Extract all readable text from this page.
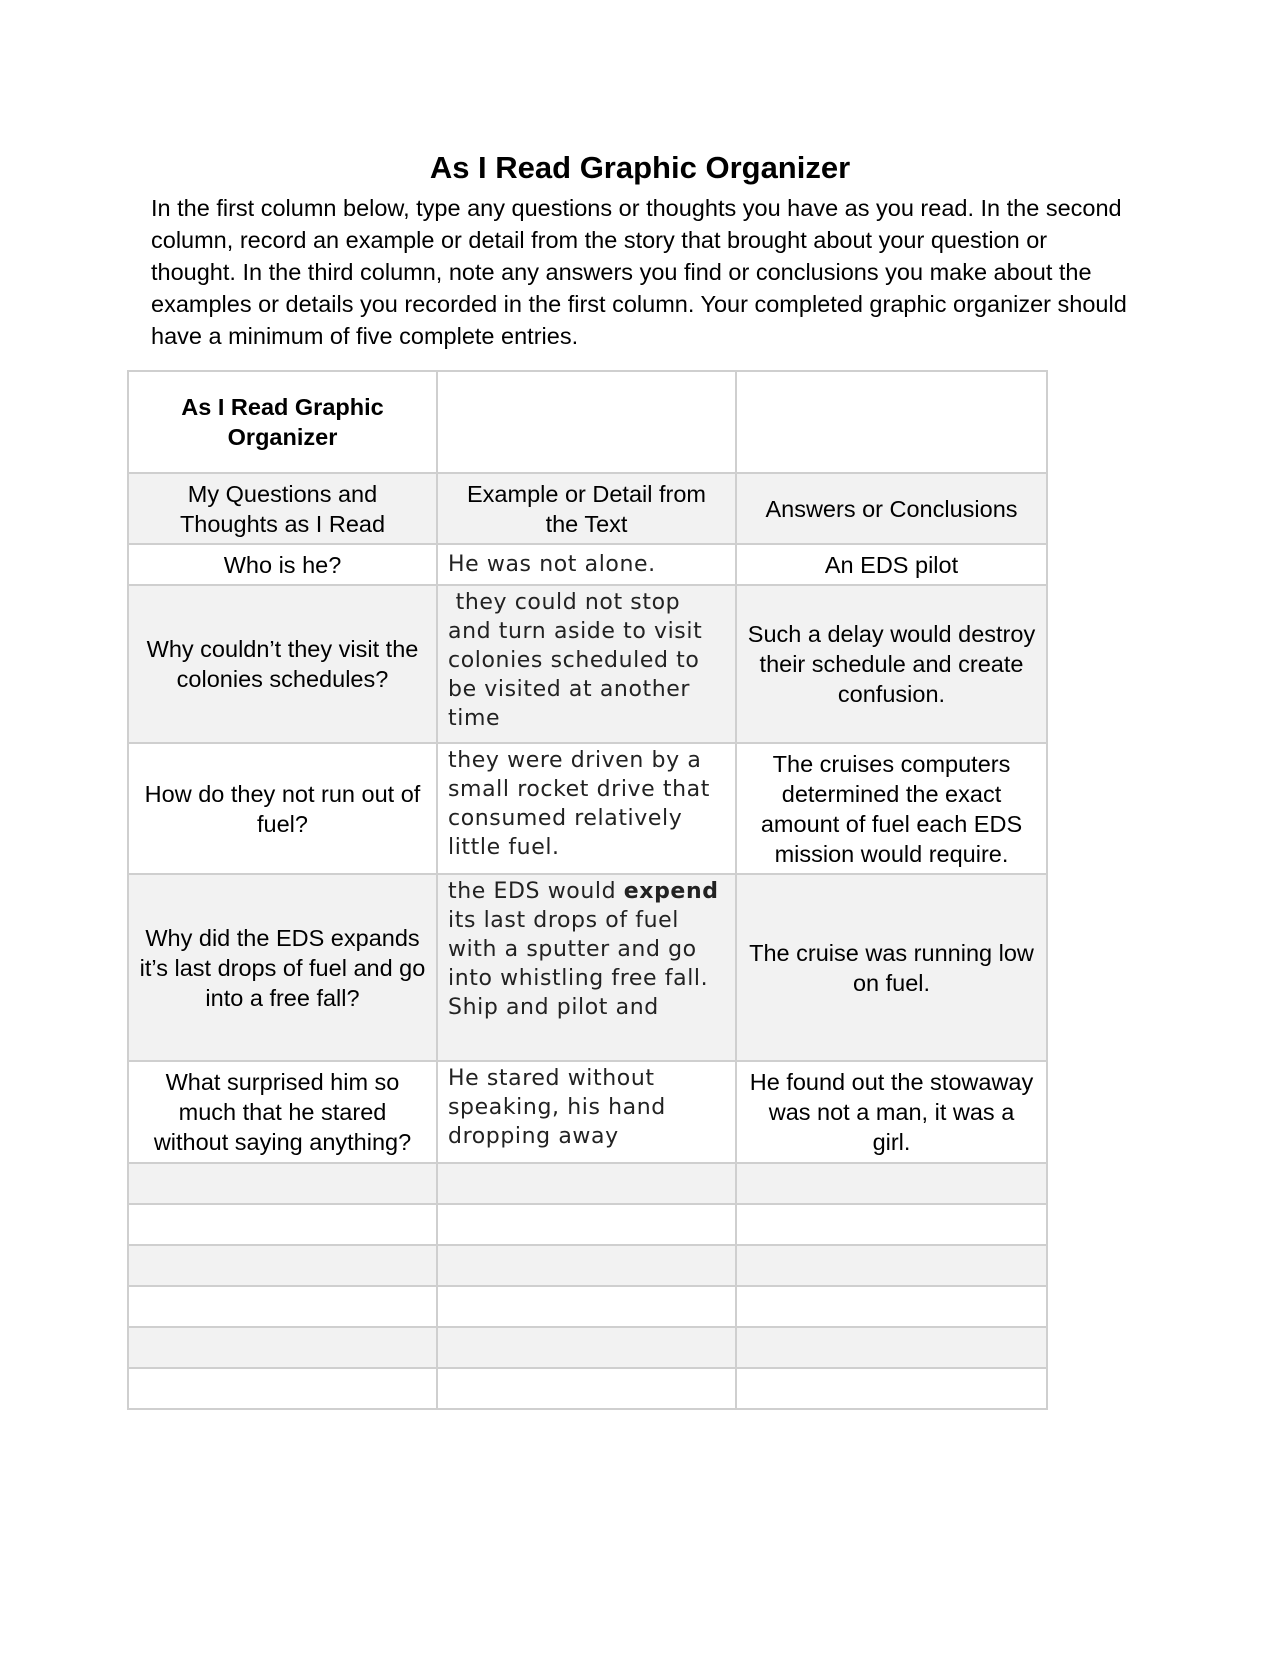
As I Read Graphic Organizer
In the first column below, type any questions or thoughts you have as you read. In the second column, record an example or detail from the story that brought about your question or thought. In the third column, note any answers you find or conclusions you make about the examples or details you recorded in the first column. Your completed graphic organizer should have a minimum of five complete entries.
As I Read Graphic Organizer		
My Questions and Thoughts as I Read	Example or Detail from the Text	Answers or Conclusions
Who is he?	He was not alone.	An EDS pilot
Why couldn’t they visit the colonies schedules?	they could not stop and turn aside to visit colonies scheduled to be visited at another time	Such a delay would destroy their schedule and create confusion.
How do they not run out of fuel?	they were driven by a small rocket drive that consumed relatively little fuel.	The cruises computers determined the exact amount of fuel each EDS mission would require.
Why did the EDS expands it’s last drops of fuel and go into a free fall?	the EDS would expend its last drops of fuel with a sputter and go into whistling free fall. Ship and pilot and	The cruise was running low on fuel.
What surprised him so much that he stared without saying anything?	He stared without speaking, his hand dropping away	He found out the stowaway was not a man, it was a girl.
